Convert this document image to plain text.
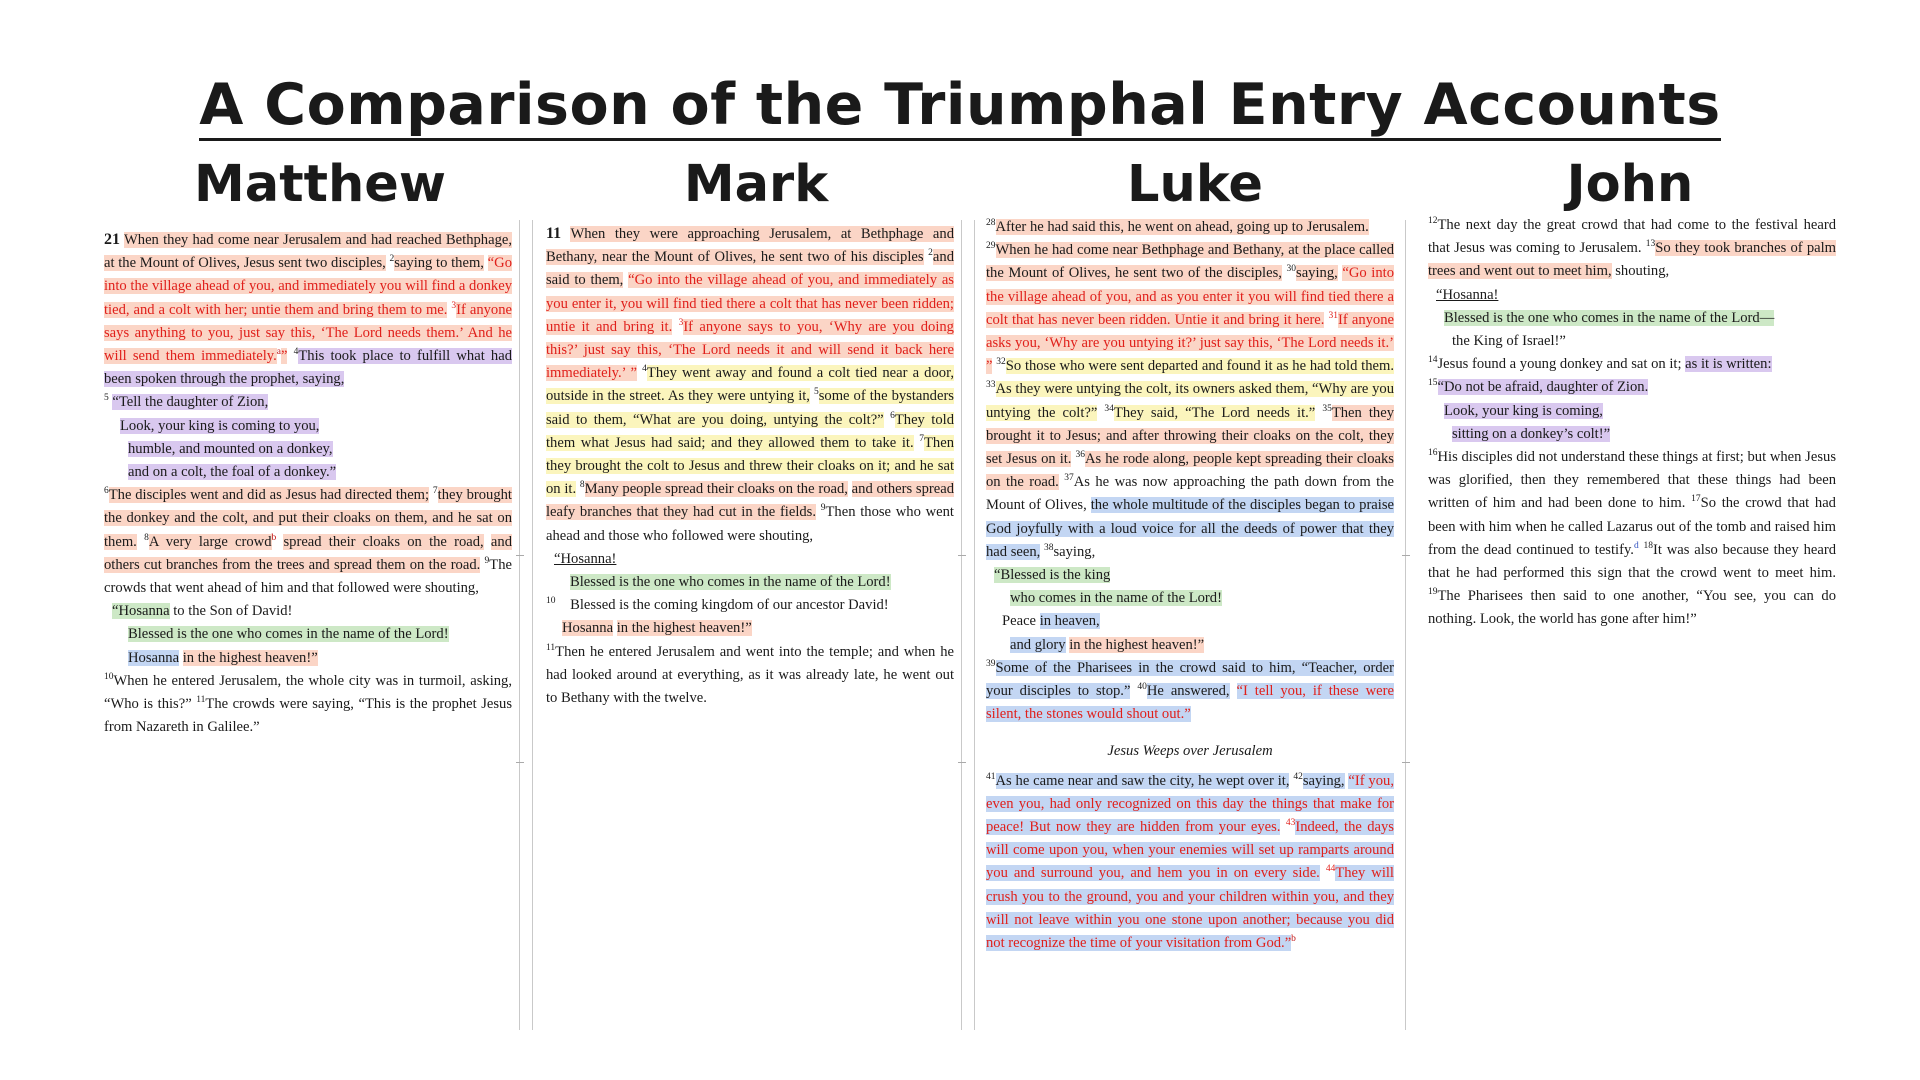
A Comparison of the Triumphal Entry Accounts
Matthew	Mark	Luke	John

21 When they had come near Jerusalem and had reached Bethphage, at the Mount of Olives, Jesus sent two disciples, $^2$saying to them, “Go into the village ahead of you, and immediately you will find a donkey tied, and a colt with her; untie them and bring them to me. $^3$If anyone says anything to you, just say this, ‘The Lord needs them.’ And he will send them immediately.$^a$” $^4$This took place to fulfill what had been spoken through the prophet, saying,

$^5$ “Tell the daughter of Zion,
Look, your king is coming to you,
humble, and mounted on a donkey,
and on a colt, the foal of a donkey.”

$^6$The disciples went and did as Jesus had directed them; $^7$they brought the donkey and the colt, and put their cloaks on them, and he sat on them. $^8$A very large crowd$^b$ spread their cloaks on the road, and others cut branches from the trees and spread them on the road. $^9$The crowds that went ahead of him and that followed were shouting,

“Hosanna to the Son of David!
Blessed is the one who comes in the name of the Lord!
Hosanna in the highest heaven!”

$^{10}$When he entered Jerusalem, the whole city was in turmoil, asking, “Who is this?” $^{11}$The crowds were saying, “This is the prophet Jesus from Nazareth in Galilee.”

11 When they were approaching Jerusalem, at Bethphage and Bethany, near the Mount of Olives, he sent two of his disciples $^2$and said to them, “Go into the village ahead of you, and immediately as you enter it, you will find tied there a colt that has never been ridden; untie it and bring it. $^3$If anyone says to you, ‘Why are you doing this?’ just say this, ‘The Lord needs it and will send it back here immediately.’ ” $^4$They went away and found a colt tied near a door, outside in the street. As they were untying it, $^5$some of the bystanders said to them, “What are you doing, untying the colt?” $^6$They told them what Jesus had said; and they allowed them to take it. $^7$Then they brought the colt to Jesus and threw their cloaks on it; and he sat on it. $^8$Many people spread their cloaks on the road, and others spread leafy branches that they had cut in the fields. $^9$Then those who went ahead and those who followed were shouting,

“Hosanna!
Blessed is the one who comes in the name of the Lord!
$^{10}$ Blessed is the coming kingdom of our ancestor David!
Hosanna in the highest heaven!”

$^{11}$Then he entered Jerusalem and went into the temple; and when he had looked around at everything, as it was already late, he went out to Bethany with the twelve.

$^{28}$After he had said this, he went on ahead, going up to Jerusalem.

$^{29}$When he had come near Bethphage and Bethany, at the place called the Mount of Olives, he sent two of the disciples, $^{30}$saying, “Go into the village ahead of you, and as you enter it you will find tied there a colt that has never been ridden. Untie it and bring it here. $^{31}$If anyone asks you, ‘Why are you untying it?’ just say this, ‘The Lord needs it.’ ” $^{32}$So those who were sent departed and found it as he had told them. $^{33}$As they were untying the colt, its owners asked them, “Why are you untying the colt?” $^{34}$They said, “The Lord needs it.” $^{35}$Then they brought it to Jesus; and after throwing their cloaks on the colt, they set Jesus on it. $^{36}$As he rode along, people kept spreading their cloaks on the road. $^{37}$As he was now approaching the path down from the Mount of Olives, the whole multitude of the disciples began to praise God joyfully with a loud voice for all the deeds of power that they had seen, $^{38}$saying,

“Blessed is the king
who comes in the name of the Lord!
Peace in heaven,
and glory in the highest heaven!”

$^{39}$Some of the Pharisees in the crowd said to him, “Teacher, order your disciples to stop.” $^{40}$He answered, “I tell you, if these were silent, the stones would shout out.”

Jesus Weeps over Jerusalem

$^{41}$As he came near and saw the city, he wept over it, $^{42}$saying, “If you, even you, had only recognized on this day the things that make for peace! But now they are hidden from your eyes. $^{43}$Indeed, the days will come upon you, when your enemies will set up ramparts around you and surround you, and hem you in on every side. $^{44}$They will crush you to the ground, you and your children within you, and they will not leave within you one stone upon another; because you did not recognize the time of your visitation from God.”$^b$

$^{12}$The next day the great crowd that had come to the festival heard that Jesus was coming to Jerusalem. $^{13}$So they took branches of palm trees and went out to meet him, shouting,

“Hosanna!
Blessed is the one who comes in the name of the Lord—
the King of Israel!”

$^{14}$Jesus found a young donkey and sat on it; as it is written:

$^{15}$“Do not be afraid, daughter of Zion.
Look, your king is coming,
sitting on a donkey’s colt!”

$^{16}$His disciples did not understand these things at first; but when Jesus was glorified, then they remembered that these things had been written of him and had been done to him. $^{17}$So the crowd that had been with him when he called Lazarus out of the tomb and raised him from the dead continued to testify.$^d$ $^{18}$It was also because they heard that he had performed this sign that the crowd went to meet him. $^{19}$The Pharisees then said to one another, “You see, you can do nothing. Look, the world has gone after him!”
